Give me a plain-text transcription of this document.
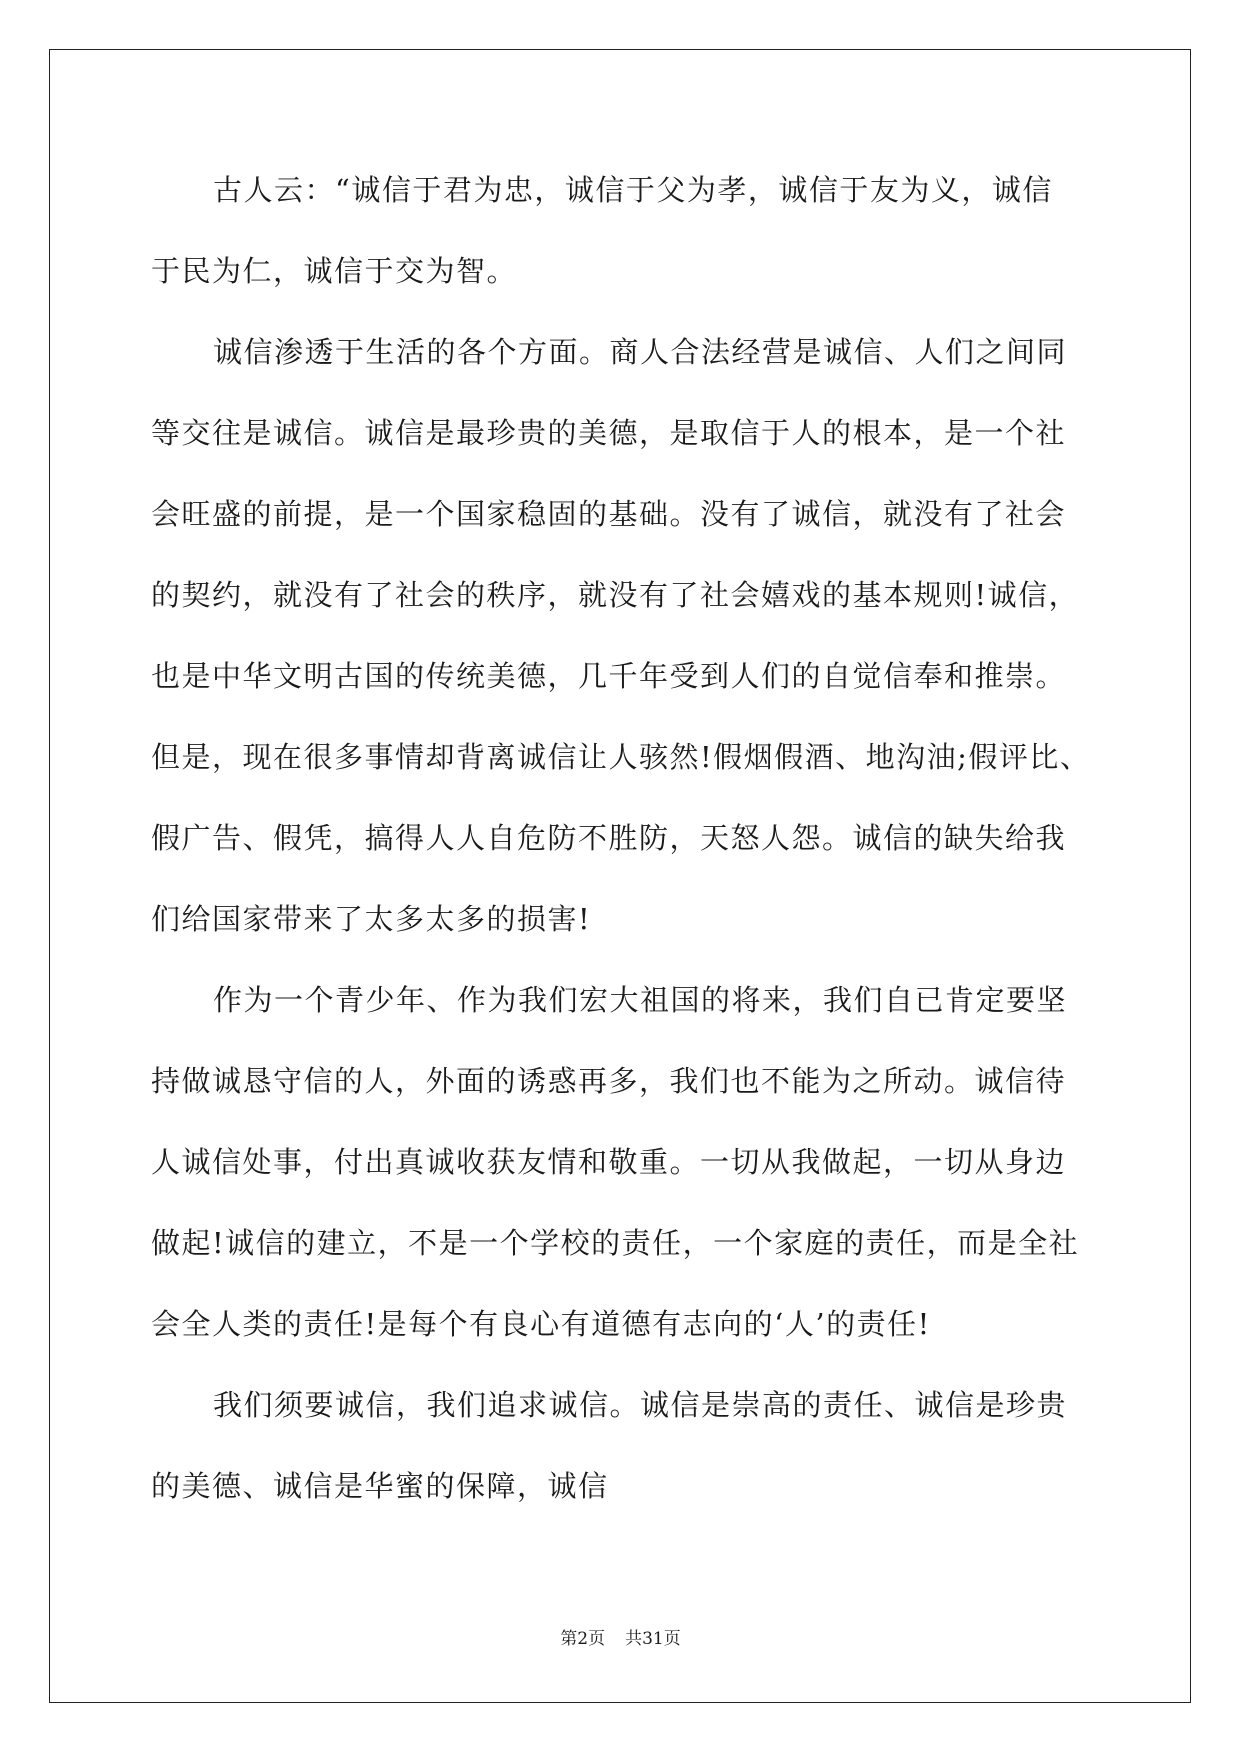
古人云：“诚信于君为忠，诚信于父为孝，诚信于友为义，诚信
于民为仁，诚信于交为智。
诚信渗透于生活的各个方面。商人合法经营是诚信、人们之间同
等交往是诚信。诚信是最珍贵的美德，是取信于人的根本，是一个社
会旺盛的前提，是一个国家稳固的基础。没有了诚信，就没有了社会
的契约，就没有了社会的秩序，就没有了社会嬉戏的基本规则!诚信，
也是中华文明古国的传统美德，几千年受到人们的自觉信奉和推崇。
但是，现在很多事情却背离诚信让人骇然!假烟假酒、地沟油;假评比、
假广告、假凭，搞得人人自危防不胜防，天怒人怨。诚信的缺失给我
们给国家带来了太多太多的损害!
作为一个青少年、作为我们宏大祖国的将来，我们自已肯定要坚
持做诚恳守信的人，外面的诱惑再多，我们也不能为之所动。诚信待
人诚信处事，付出真诚收获友情和敬重。一切从我做起，一切从身边
做起!诚信的建立，不是一个学校的责任，一个家庭的责任，而是全社
会全人类的责任!是每个有良心有道德有志向的‘人’的责任!
我们须要诚信，我们追求诚信。诚信是崇高的责任、诚信是珍贵
的美德、诚信是华蜜的保障，诚信
第2页 共31页
